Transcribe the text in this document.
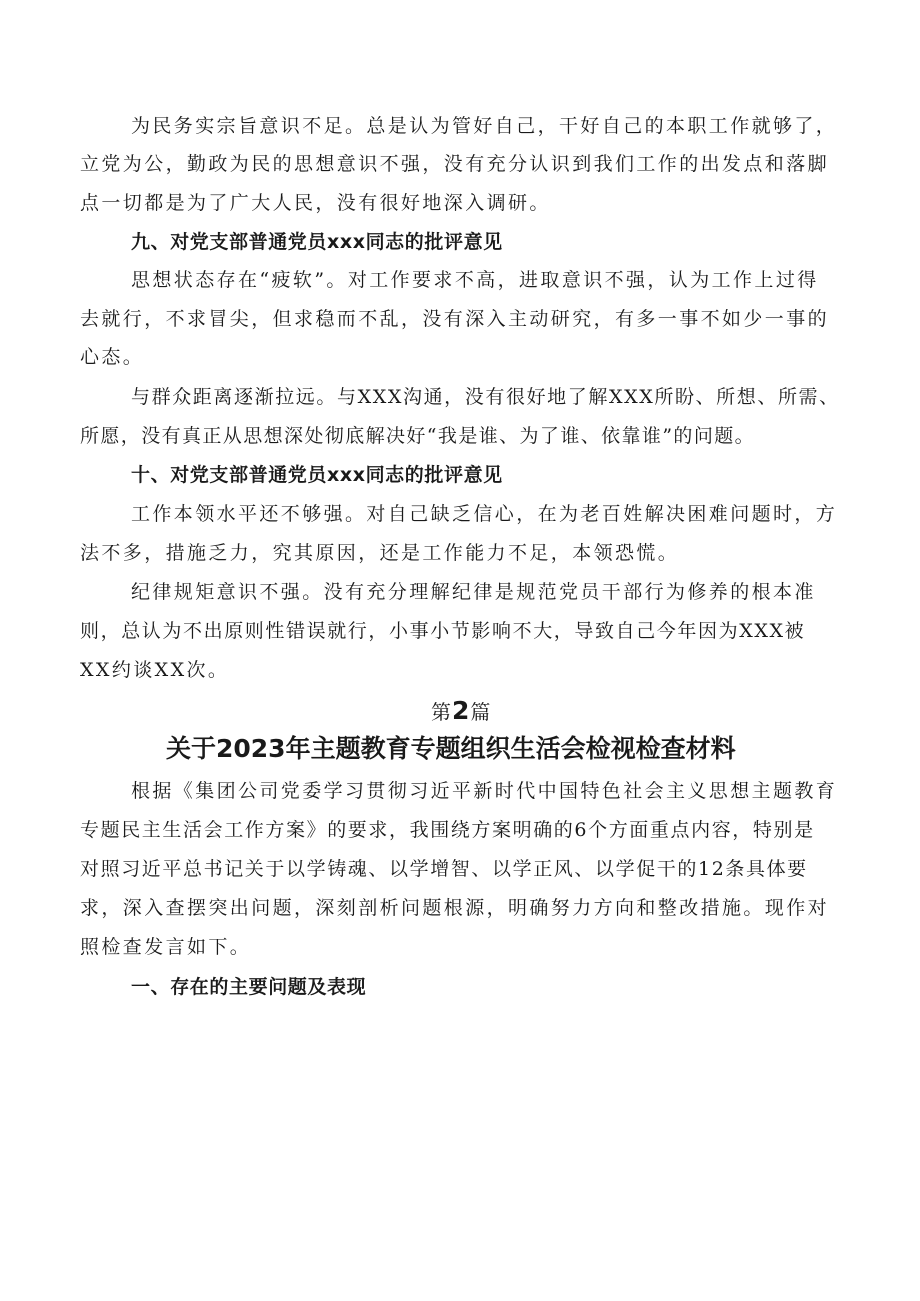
为民务实宗旨意识不足。总是认为管好自己，干好自己的本职工作就够了，
立党为公，勤政为民的思想意识不强，没有充分认识到我们工作的出发点和落脚
点一切都是为了广大人民，没有很好地深入调研。
九、对党支部普通党员xxx同志的批评意见
思想状态存在“疲软”。对工作要求不高，进取意识不强，认为工作上过得
去就行，不求冒尖，但求稳而不乱，没有深入主动研究，有多一事不如少一事的
心态。
与群众距离逐渐拉远。与XXX沟通，没有很好地了解XXX所盼、所想、所需、
所愿，没有真正从思想深处彻底解决好“我是谁、为了谁、依靠谁”的问题。
十、对党支部普通党员xxx同志的批评意见
工作本领水平还不够强。对自己缺乏信心，在为老百姓解决困难问题时，方
法不多，措施乏力，究其原因，还是工作能力不足，本领恐慌。
纪律规矩意识不强。没有充分理解纪律是规范党员干部行为修养的根本准
则，总认为不出原则性错误就行，小事小节影响不大，导致自己今年因为XXX被
XX约谈XX次。
第2篇
关于2023年主题教育专题组织生活会检视检查材料
根据《集团公司党委学习贯彻习近平新时代中国特色社会主义思想主题教育
专题民主生活会工作方案》的要求，我围绕方案明确的6个方面重点内容，特别是
对照习近平总书记关于以学铸魂、以学增智、以学正风、以学促干的12条具体要
求，深入查摆突出问题，深刻剖析问题根源，明确努力方向和整改措施。现作对
照检查发言如下。
一、存在的主要问题及表现
